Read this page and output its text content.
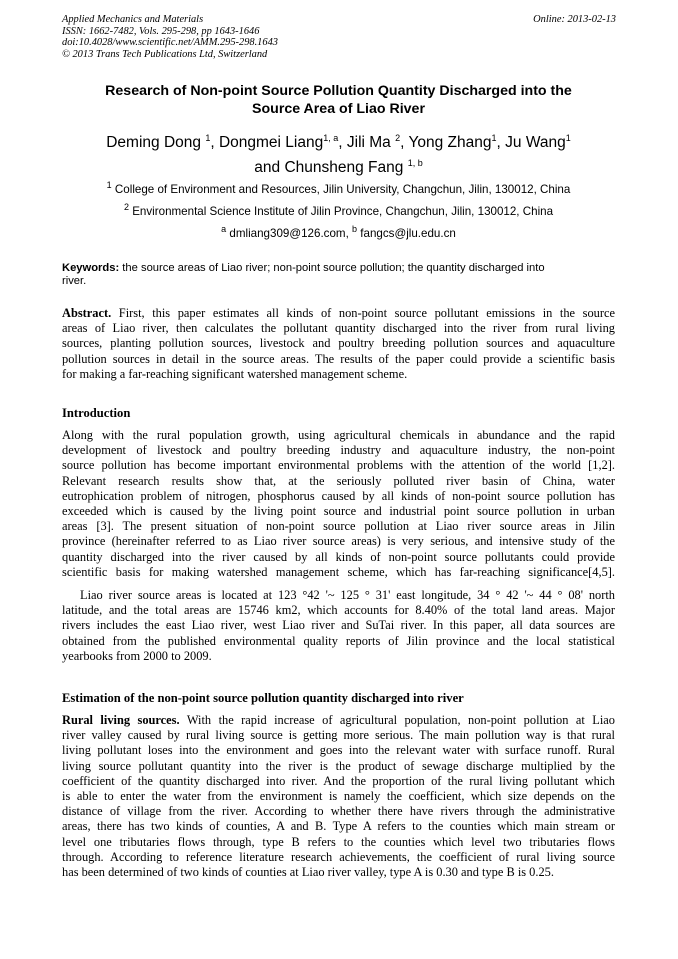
Applied Mechanics and Materials
ISSN: 1662-7482, Vols. 295-298, pp 1643-1646
doi:10.4028/www.scientific.net/AMM.295-298.1643
© 2013 Trans Tech Publications Ltd, Switzerland
Online: 2013-02-13
Research of Non-point Source Pollution Quantity Discharged into the
Source Area of Liao River
Deming Dong $^1$, Dongmei Liang$^{1, a}$, Jili Ma $^2$, Yong Zhang$^1$, Ju Wang$^1$
and Chunsheng Fang $^{1, b}$
$^1$ College of Environment and Resources, Jilin University, Changchun, Jilin, 130012, China
$^2$ Environmental Science Institute of Jilin Province, Changchun, Jilin, 130012, China
$^a$ dmliang309@126.com, $^b$ fangcs@jlu.edu.cn
Keywords: the source areas of Liao river; non-point source pollution; the quantity discharged into
river.
Abstract. First, this paper estimates all kinds of non-point source pollutant emissions in the source
areas of Liao river, then calculates the pollutant quantity discharged into the river from rural living
sources, planting pollution sources, livestock and poultry breeding pollution sources and aquaculture
pollution sources in detail in the source areas. The results of the paper could provide a scientific basis
for making a far-reaching significant watershed management scheme.
Introduction
Along with the rural population growth, using agricultural chemicals in abundance and the rapid
development of livestock and poultry breeding industry and aquaculture industry, the non-point
source pollution has become important environmental problems with the attention of the world [1,2].
Relevant research results show that, at the seriously polluted river basin of China, water
eutrophication problem of nitrogen, phosphorus caused by all kinds of non-point source pollution has
exceeded which is caused by the living point source and industrial point source pollution in urban
areas [3]. The present situation of non-point source pollution at Liao river source areas in Jilin
province (hereinafter referred to as Liao river source areas) is very serious, and intensive study of the
quantity discharged into the river caused by all kinds of non-point source pollutants could provide
scientific basis for making watershed management scheme, which has far-reaching significance[4,5].
Liao river source areas is located at 123 °42 '~ 125 ° 31' east longitude, 34 ° 42 '~ 44 ° 08' north
latitude, and the total areas are 15746 km2, which accounts for 8.40% of the total land areas. Major
rivers includes the east Liao river, west Liao river and SuTai river. In this paper, all data sources are
obtained from the published environmental quality reports of Jilin province and the local statistical
yearbooks from 2000 to 2009.
Estimation of the non-point source pollution quantity discharged into river
Rural living sources. With the rapid increase of agricultural population, non-point pollution at Liao
river valley caused by rural living source is getting more serious. The main pollution way is that rural
living pollutant loses into the environment and goes into the relevant water with surface runoff. Rural
living source pollutant quantity into the river is the product of sewage discharge multiplied by the
coefficient of the quantity discharged into river. And the proportion of the rural living pollutant which
is able to enter the water from the environment is namely the coefficient, which size depends on the
distance of village from the river. According to whether there have rivers through the administrative
areas, there has two kinds of counties, A and B. Type A refers to the counties which main stream or
level one tributaries flows through, type B refers to the counties which level two tributaries flows
through. According to reference literature research achievements, the coefficient of rural living source
has been determined of two kinds of counties at Liao river valley, type A is 0.30 and type B is 0.25.
